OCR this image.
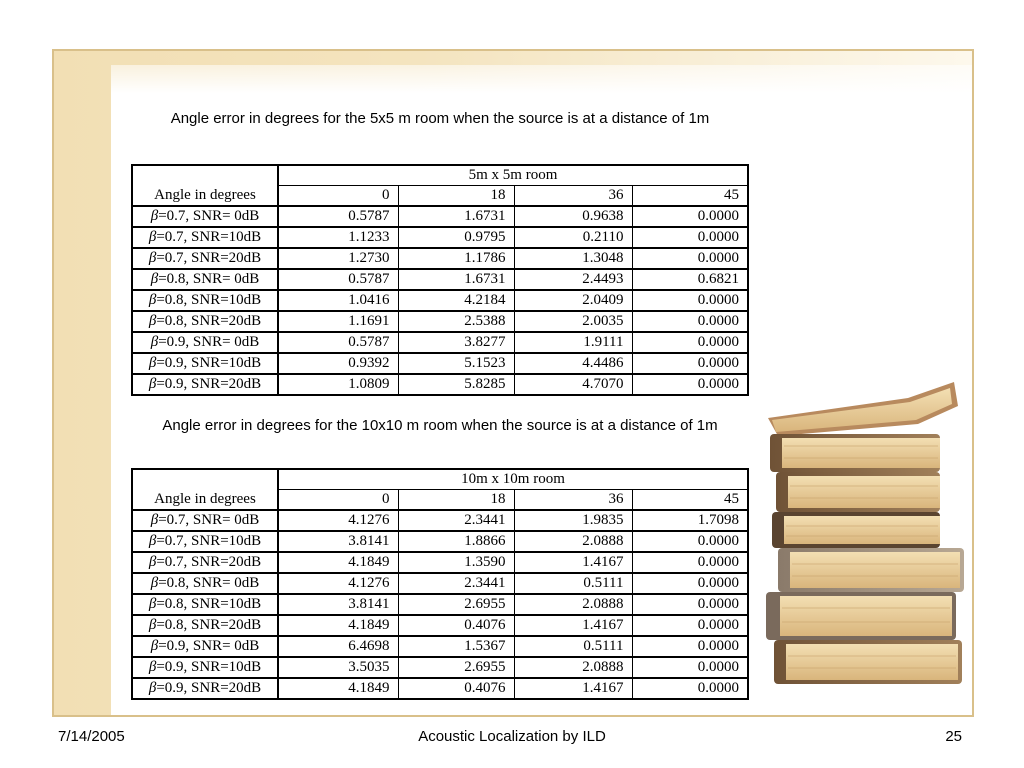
Angle error in degrees for the 5x5 m room when the source is at a distance of 1m
	5m x 5m room			
Angle in degrees	0	18	36	45
β=0.7, SNR= 0dB	0.5787	1.6731	0.9638	0.0000
β=0.7, SNR=10dB	1.1233	0.9795	0.2110	0.0000
β=0.7, SNR=20dB	1.2730	1.1786	1.3048	0.0000
β=0.8, SNR= 0dB	0.5787	1.6731	2.4493	0.6821
β=0.8, SNR=10dB	1.0416	4.2184	2.0409	0.0000
β=0.8, SNR=20dB	1.1691	2.5388	2.0035	0.0000
β=0.9, SNR= 0dB	0.5787	3.8277	1.9111	0.0000
β=0.9, SNR=10dB	0.9392	5.1523	4.4486	0.0000
β=0.9, SNR=20dB	1.0809	5.8285	4.7070	0.0000
Angle error in degrees for the 10x10 m room when the source is at a distance of 1m
	10m x 10m room			
Angle in degrees	0	18	36	45
β=0.7, SNR= 0dB	4.1276	2.3441	1.9835	1.7098
β=0.7, SNR=10dB	3.8141	1.8866	2.0888	0.0000
β=0.7, SNR=20dB	4.1849	1.3590	1.4167	0.0000
β=0.8, SNR= 0dB	4.1276	2.3441	0.5111	0.0000
β=0.8, SNR=10dB	3.8141	2.6955	2.0888	0.0000
β=0.8, SNR=20dB	4.1849	0.4076	1.4167	0.0000
β=0.9, SNR= 0dB	6.4698	1.5367	0.5111	0.0000
β=0.9, SNR=10dB	3.5035	2.6955	2.0888	0.0000
β=0.9, SNR=20dB	4.1849	0.4076	1.4167	0.0000
7/14/2005	Acoustic Localization by ILD	25
